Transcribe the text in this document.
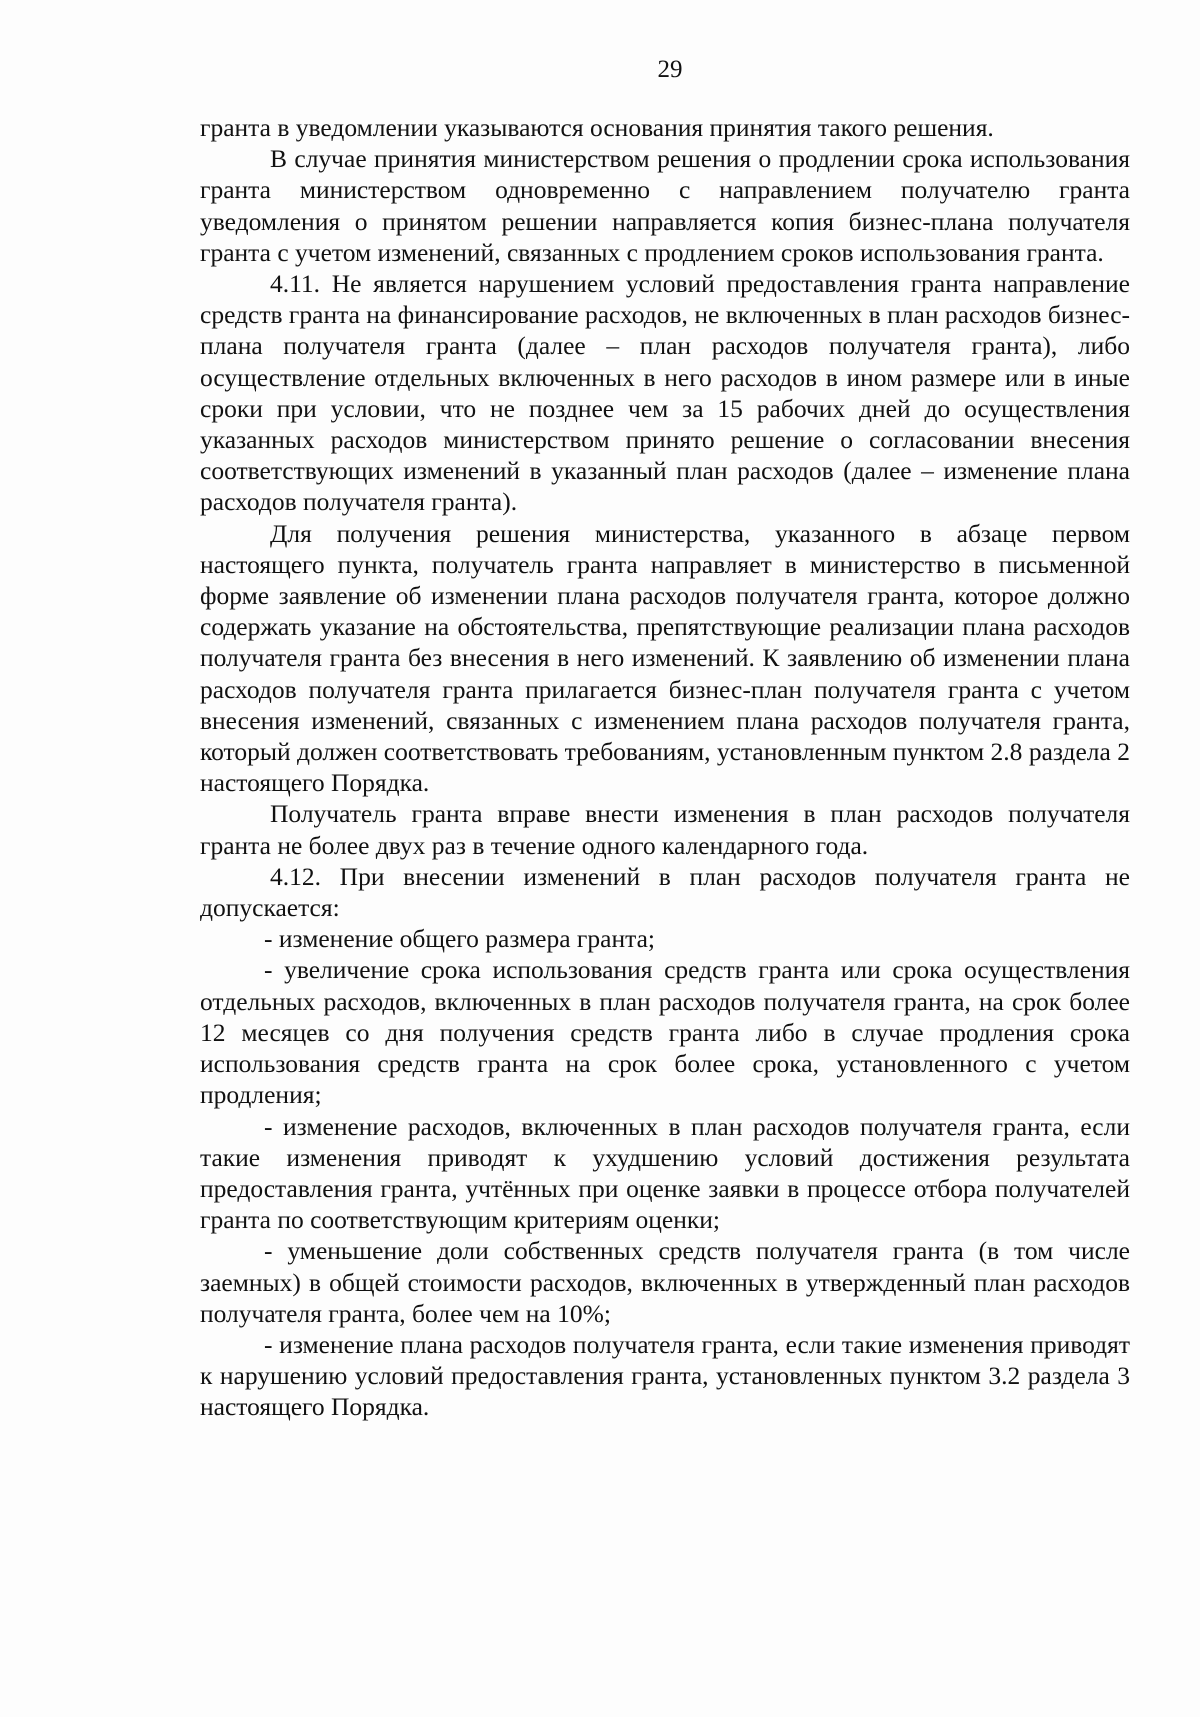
29

гранта в уведомлении указываются основания принятия такого решения.

В случае принятия министерством решения о продлении срока использования гранта министерством одновременно с направлением получателю гранта уведомления о принятом решении направляется копия бизнес-плана получателя гранта с учетом изменений, связанных с продлением сроков использования гранта.

4.11. Не является нарушением условий предоставления гранта направление средств гранта на финансирование расходов, не включенных в план расходов бизнес-плана получателя гранта (далее – план расходов получателя гранта), либо осуществление отдельных включенных в него расходов в ином размере или в иные сроки при условии, что не позднее чем за 15 рабочих дней до осуществления указанных расходов министерством принято решение о согласовании внесения соответствующих изменений в указанный план расходов (далее – изменение плана расходов получателя гранта).

Для получения решения министерства, указанного в абзаце первом настоящего пункта, получатель гранта направляет в министерство в письменной форме заявление об изменении плана расходов получателя гранта, которое должно содержать указание на обстоятельства, препятствующие реализации плана расходов получателя гранта без внесения в него изменений. К заявлению об изменении плана расходов получателя гранта прилагается бизнес-план получателя гранта с учетом внесения изменений, связанных с изменением плана расходов получателя гранта, который должен соответствовать требованиям, установленным пунктом 2.8 раздела 2 настоящего Порядка.

Получатель гранта вправе внести изменения в план расходов получателя гранта не более двух раз в течение одного календарного года.

4.12. При внесении изменений в план расходов получателя гранта не допускается:

- изменение общего размера гранта;

- увеличение срока использования средств гранта или срока осуществления отдельных расходов, включенных в план расходов получателя гранта, на срок более 12 месяцев со дня получения средств гранта либо в случае продления срока использования средств гранта на срок более срока, установленного с учетом продления;

- изменение расходов, включенных в план расходов получателя гранта, если такие изменения приводят к ухудшению условий достижения результата предоставления гранта, учтённых при оценке заявки в процессе отбора получателей гранта по соответствующим критериям оценки;

- уменьшение доли собственных средств получателя гранта (в том числе заемных) в общей стоимости расходов, включенных в утвержденный план расходов получателя гранта, более чем на 10%;

- изменение плана расходов получателя гранта, если такие изменения приводят к нарушению условий предоставления гранта, установленных пунктом 3.2 раздела 3 настоящего Порядка.
